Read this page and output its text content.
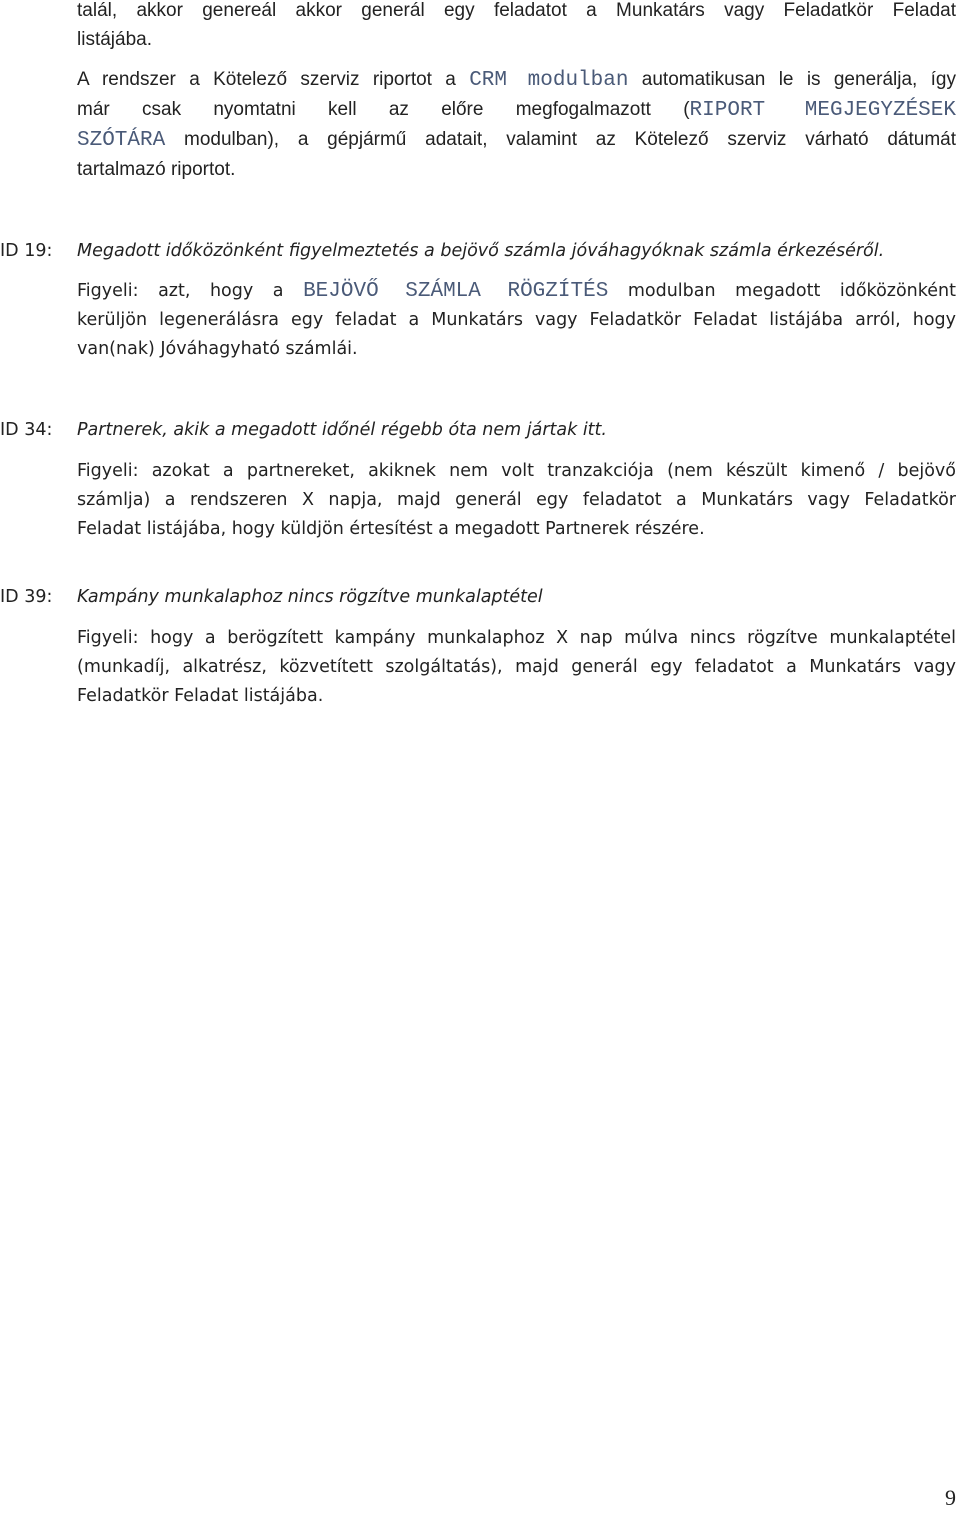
talál, akkor genereál akkor generál egy feladatot a Munkatárs vagy Feladatkör Feladat
listájába.
A rendszer a Kötelező szerviz riportot a CRM modulban automatikusan le is generálja, így
már csak nyomtatni kell az előre megfogalmazott (RIPORT MEGJEGYZÉSEK
SZÓTÁRA modulban), a gépjármű adatait, valamint az Kötelező szerviz várható dátumát
tartalmazó riportot.
ID 19: Megadott időközönként figyelmeztetés a bejövő számla jóváhagyóknak számla érkezéséről.
Figyeli: azt, hogy a BEJÖVŐ SZÁMLA RÖGZÍTÉS modulban megadott időközönként
kerüljön legenerálásra egy feladat a Munkatárs vagy Feladatkör Feladat listájába arról, hogy
van(nak) Jóváhagyható számlái.
ID 34: Partnerek, akik a megadott időnél régebb óta nem jártak itt.
Figyeli: azokat a partnereket, akiknek nem volt tranzakciója (nem készült kimenő / bejövő
számlja) a rendszeren X napja, majd generál egy feladatot a Munkatárs vagy Feladatkör
Feladat listájába, hogy küldjön értesítést a megadott Partnerek részére.
ID 39: Kampány munkalaphoz nincs rögzítve munkalaptétel
Figyeli: hogy a berögzített kampány munkalaphoz X nap múlva nincs rögzítve munkalaptétel
(munkadíj, alkatrész, közvetített szolgáltatás), majd generál egy feladatot a Munkatárs vagy
Feladatkör Feladat listájába.
9
